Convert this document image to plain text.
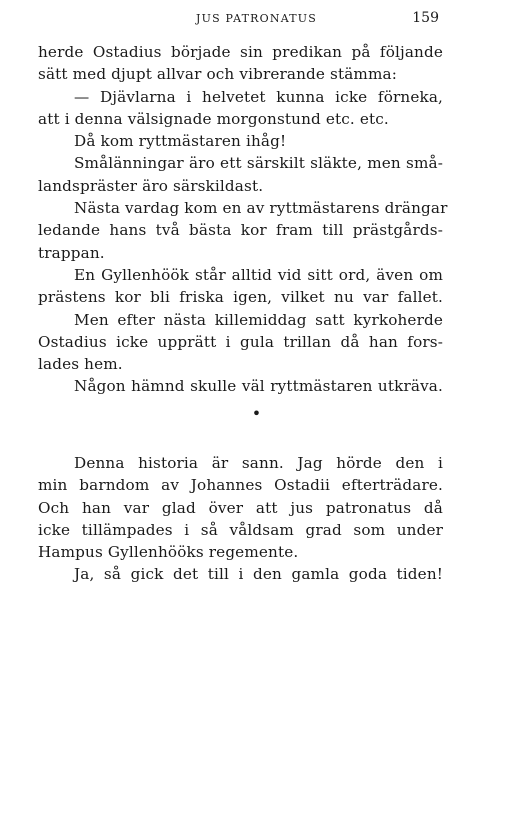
JUS PATRONATUS	159
herde Ostadius började sin predikan på följande
sätt med djupt allvar och vibrerande stämma:
— Djävlarna i helvetet kunna icke förneka,
att i denna välsignade morgonstund etc. etc.
Då kom ryttmästaren ihåg!
Smålänningar äro ett särskilt släkte, men små-
landspräster äro särskildast.
Nästa vardag kom en av ryttmästarens drängar
ledande hans två bästa kor fram till prästgårds-
trappan.
En Gyllenhöök står alltid vid sitt ord, även om
prästens kor bli friska igen, vilket nu var fallet.
Men efter nästa killemiddag satt kyrkoherde
Ostadius icke upprätt i gula trillan då han fors-
lades hem.
Någon hämnd skulle väl ryttmästaren utkräva.
•
Denna historia är sann. Jag hörde den i
min barndom av Johannes Ostadii efterträdare.
Och han var glad över att jus patronatus då
icke tillämpades i så våldsam grad som under
Hampus Gyllenhööks regemente.
Ja, så gick det till i den gamla goda tiden!
